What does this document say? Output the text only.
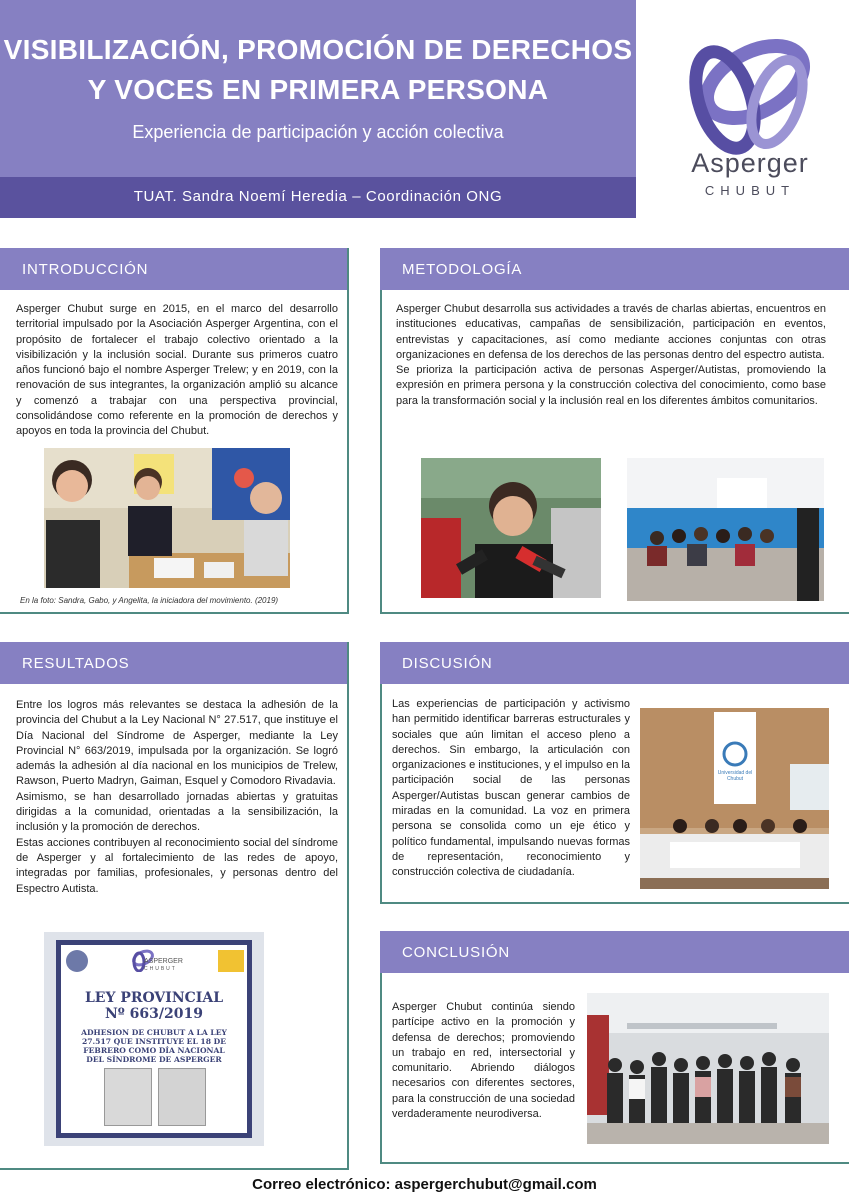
VISIBILIZACIÓN, PROMOCIÓN DE DERECHOS
Y VOCES EN PRIMERA PERSONA
Experiencia de participación y acción colectiva
TUAT. Sandra Noemí Heredia – Coordinación ONG
Asperger
CHUBUT
INTRODUCCIÓN
Asperger Chubut surge en 2015, en el marco del desarrollo territorial impulsado por la Asociación Asperger Argentina, con el propósito de fortalecer el trabajo colectivo orientado a la visibilización y la inclusión social. Durante sus primeros cuatro años funcionó bajo el nombre Asperger Trelew; y en 2019, con la renovación de sus integrantes, la organización amplió su alcance y comenzó a trabajar con una perspectiva provincial, consolidándose como referente en la promoción de derechos y apoyos en toda la provincia del Chubut.
En la foto: Sandra, Gabo, y Angelita, la iniciadora del movimiento. (2019)
METODOLOGÍA

Asperger Chubut desarrolla sus actividades a través de charlas abiertas, encuentros en instituciones educativas, campañas de sensibilización, participación en eventos, entrevistas y capacitaciones, así como mediante acciones conjuntas con otras organizaciones en defensa de los derechos de las personas dentro del espectro autista.

Se prioriza la participación activa de personas Asperger/Autistas, promoviendo la expresión en primera persona y la construcción colectiva del conocimiento, como base para la transformación social y la inclusión real en los diferentes ámbitos comunitarios.

RESULTADOS

Entre los logros más relevantes se destaca la adhesión de la provincia del Chubut a la Ley Nacional N° 27.517, que instituye el Día Nacional del Síndrome de Asperger, mediante la Ley Provincial N° 663/2019, impulsada por la organización. Se logró además la adhesión al día nacional en los municipios de Trelew, Rawson, Puerto Madryn, Gaiman, Esquel y Comodoro Rivadavia.

Asimismo, se han desarrollado jornadas abiertas y gratuitas dirigidas a la comunidad, orientadas a la sensibilización, la inclusión y la promoción de derechos.

Estas acciones contribuyen al reconocimiento social del síndrome de Asperger y al fortalecimiento de las redes de apoyo, integradas por familias, profesionales, y personas dentro del Espectro Autista.

ASPERGER
CHUBUT
LEY PROVINCIAL
Nº 663/2019
ADHESION DE CHUBUT A LA LEY 27.517 QUE INSTITUYE EL 18 DE FEBRERO COMO DÍA NACIONAL DEL SÍNDROME DE ASPERGER
DISCUSIÓN
Las experiencias de participación y activismo han permitido identificar barreras estructurales y sociales que aún limitan el acceso pleno a derechos. Sin embargo, la articulación con organizaciones e instituciones, y el impulso en la participación social de las personas Asperger/Autistas buscan generar cambios de miradas en la comunidad. La voz en primera persona se consolida como un eje ético y político fundamental, impulsando nuevas formas de representación, reconocimiento y construcción colectiva de ciudadanía.
Universidad del Chubut
CONCLUSIÓN
Asperger Chubut continúa siendo partícipe activo en la promoción y defensa de derechos; promoviendo un trabajo en red, intersectorial y comunitario. Abriendo diálogos necesarios con diferentes sectores, para la construcción de una sociedad verdaderamente neurodiversa.
Correo electrónico: aspergerchubut@gmail.com
